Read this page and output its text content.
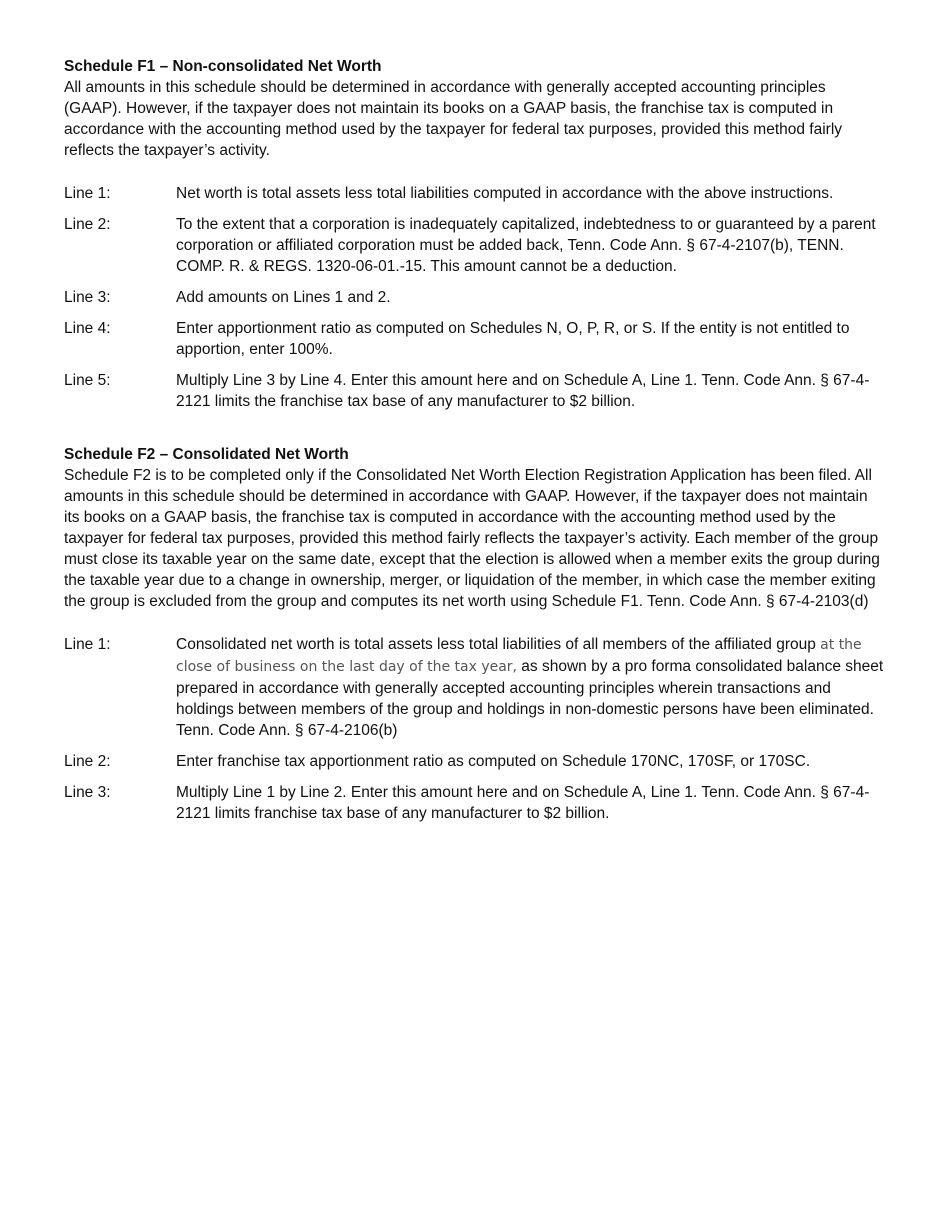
Schedule F1 – Non-consolidated Net Worth

All amounts in this schedule should be determined in accordance with generally accepted accounting principles (GAAP). However, if the taxpayer does not maintain its books on a GAAP basis, the franchise tax is computed in accordance with the accounting method used by the taxpayer for federal tax purposes, provided this method fairly reflects the taxpayer’s activity.

Line 1:	Net worth is total assets less total liabilities computed in accordance with the above instructions.
Line 2:	To the extent that a corporation is inadequately capitalized, indebtedness to or guaranteed by a parent corporation or affiliated corporation must be added back, Tenn. Code Ann. § 67-4-2107(b), TENN. COMP. R. & REGS. 1320-06-01.-15. This amount cannot be a deduction.
Line 3:	Add amounts on Lines 1 and 2.
Line 4:	Enter apportionment ratio as computed on Schedules N, O, P, R, or S. If the entity is not entitled to apportion, enter 100%.
Line 5:	Multiply Line 3 by Line 4. Enter this amount here and on Schedule A, Line 1. Tenn. Code Ann. § 67-4-2121 limits the franchise tax base of any manufacturer to $2 billion.

Schedule F2 – Consolidated Net Worth

Schedule F2 is to be completed only if the Consolidated Net Worth Election Registration Application has been filed. All amounts in this schedule should be determined in accordance with GAAP. However, if the taxpayer does not maintain its books on a GAAP basis, the franchise tax is computed in accordance with the accounting method used by the taxpayer for federal tax purposes, provided this method fairly reflects the taxpayer’s activity. Each member of the group must close its taxable year on the same date, except that the election is allowed when a member exits the group during the taxable year due to a change in ownership, merger, or liquidation of the member, in which case the member exiting the group is excluded from the group and computes its net worth using Schedule F1. Tenn. Code Ann. § 67-4-2103(d)

Line 1:	Consolidated net worth is total assets less total liabilities of all members of the affiliated group at the close of business on the last day of the tax year, as shown by a pro forma consolidated balance sheet prepared in accordance with generally accepted accounting principles wherein transactions and holdings between members of the group and holdings in non-domestic persons have been eliminated. Tenn. Code Ann. § 67-4-2106(b)
Line 2:	Enter franchise tax apportionment ratio as computed on Schedule 170NC, 170SF, or 170SC.
Line 3:	Multiply Line 1 by Line 2. Enter this amount here and on Schedule A, Line 1. Tenn. Code Ann. § 67-4- 2121 limits franchise tax base of any manufacturer to $2 billion.
